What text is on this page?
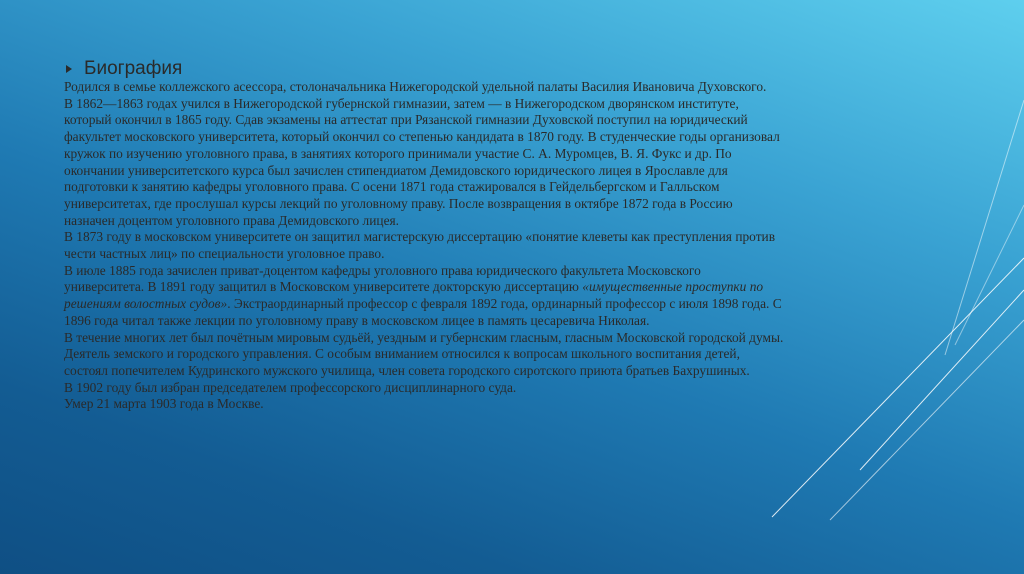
Биография

Родился в семье коллежского асессора, столоначальника Нижегородской удельной палаты Василия Ивановича Духовского.

В 1862—1863 годах учился в Нижегородской губернской гимназии, затем — в Нижегородском дворянском институте, который окончил в 1865 году. Сдав экзамены на аттестат при Рязанской гимназии Духовской поступил на юридический факультет московского университета, который окончил со степенью кандидата в 1870 году. В студенческие годы организовал кружок по изучению уголовного права, в занятиях которого принимали участие С. А. Муромцев, В. Я. Фукс и др. По окончании университетского курса был зачислен стипендиатом Демидовского юридического лицея в Ярославле для подготовки к занятию кафедры уголовного права. С осени 1871 года стажировался в Гейдельбергском и Галльском университетах, где прослушал курсы лекций по уголовному праву. После возвращения в октябре 1872 года в Россию назначен доцентом уголовного права Демидовского лицея.

В 1873 году в московском университете он защитил магистерскую диссертацию «понятие клеветы как преступления против чести частных лиц» по специальности уголовное право.

В июле 1885 года зачислен приват-доцентом кафедры уголовного права юридического факультета Московского университета. В 1891 году защитил в Московском университете докторскую диссертацию «имущественные проступки по решениям волостных судов». Экстраординарный профессор с февраля 1892 года, ординарный профессор с июля 1898 года. С 1896 года читал также лекции по уголовному праву в московском лицее в память цесаревича Николая.

В течение многих лет был почётным мировым судьёй, уездным и губернским гласным, гласным Московской городской думы. Деятель земского и городского управления. С особым вниманием относился к вопросам школьного воспитания детей, состоял попечителем Кудринского мужского училища, член совета городского сиротского приюта братьев Бахрушиных.

В 1902 году был избран председателем профессорского дисциплинарного суда.

Умер 21 марта 1903 года в Москве.
